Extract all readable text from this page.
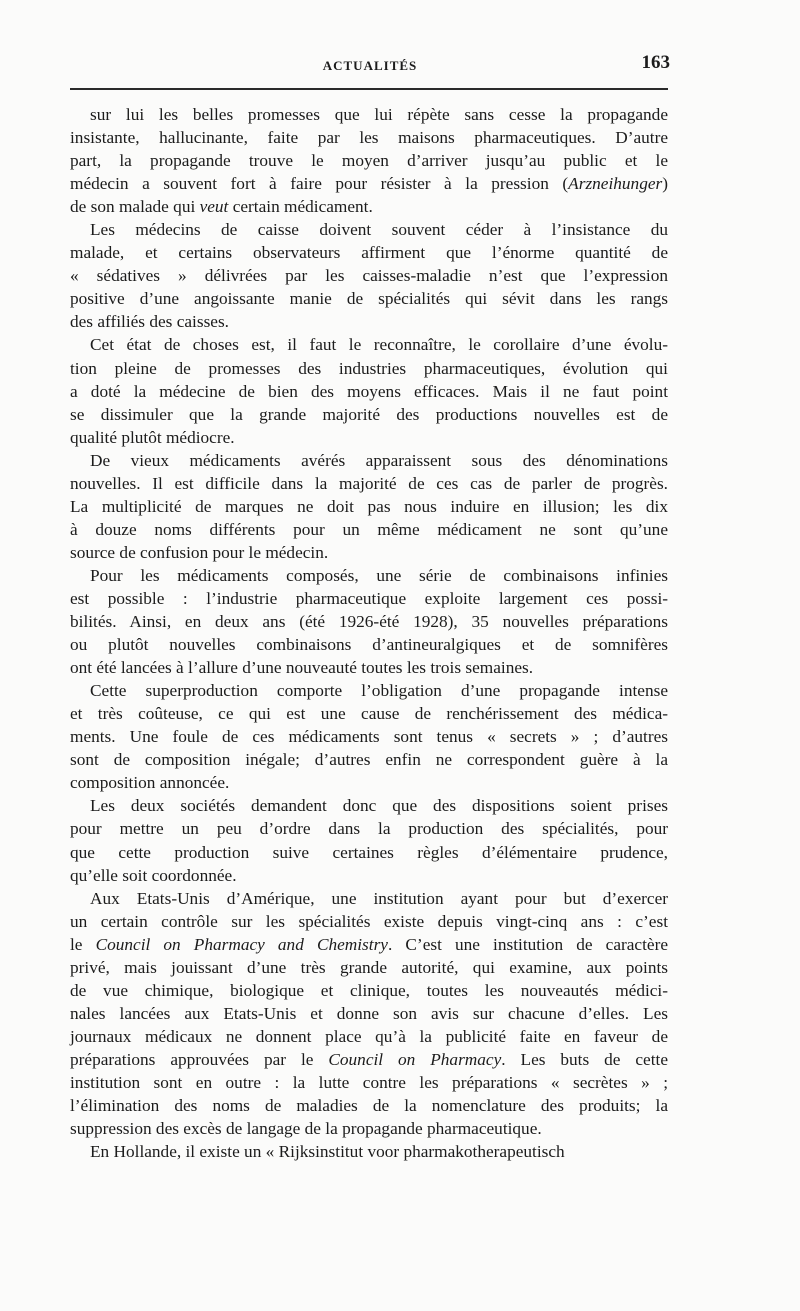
ACTUALITÉS	163
sur lui les belles promesses que lui répète sans cesse la propagande
insistante, hallucinante, faite par les maisons pharmaceutiques. D’autre
part, la propagande trouve le moyen d’arriver jusqu’au public et le
médecin a souvent fort à faire pour résister à la pression (Arzneihunger)
de son malade qui veut certain médicament.
Les médecins de caisse doivent souvent céder à l’insistance du
malade, et certains observateurs affirment que l’énorme quantité de
« sédatives » délivrées par les caisses-maladie n’est que l’expression
positive d’une angoissante manie de spécialités qui sévit dans les rangs
des affiliés des caisses.
Cet état de choses est, il faut le reconnaître, le corollaire d’une évolu-
tion pleine de promesses des industries pharmaceutiques, évolution qui
a doté la médecine de bien des moyens efficaces. Mais il ne faut point
se dissimuler que la grande majorité des productions nouvelles est de
qualité plutôt médiocre.
De vieux médicaments avérés apparaissent sous des dénominations
nouvelles. Il est difficile dans la majorité de ces cas de parler de progrès.
La multiplicité de marques ne doit pas nous induire en illusion; les dix
à douze noms différents pour un même médicament ne sont qu’une
source de confusion pour le médecin.
Pour les médicaments composés, une série de combinaisons infinies
est possible : l’industrie pharmaceutique exploite largement ces possi-
bilités. Ainsi, en deux ans (été 1926-été 1928), 35 nouvelles préparations
ou plutôt nouvelles combinaisons d’antineuralgiques et de somnifères
ont été lancées à l’allure d’une nouveauté toutes les trois semaines.
Cette superproduction comporte l’obligation d’une propagande intense
et très coûteuse, ce qui est une cause de renchérissement des médica-
ments. Une foule de ces médicaments sont tenus « secrets » ; d’autres
sont de composition inégale; d’autres enfin ne correspondent guère à la
composition annoncée.
Les deux sociétés demandent donc que des dispositions soient prises
pour mettre un peu d’ordre dans la production des spécialités, pour
que cette production suive certaines règles d’élémentaire prudence,
qu’elle soit coordonnée.
Aux Etats-Unis d’Amérique, une institution ayant pour but d’exercer
un certain contrôle sur les spécialités existe depuis vingt-cinq ans : c’est
le Council on Pharmacy and Chemistry. C’est une institution de caractère
privé, mais jouissant d’une très grande autorité, qui examine, aux points
de vue chimique, biologique et clinique, toutes les nouveautés médici-
nales lancées aux Etats-Unis et donne son avis sur chacune d’elles. Les
journaux médicaux ne donnent place qu’à la publicité faite en faveur de
préparations approuvées par le Council on Pharmacy. Les buts de cette
institution sont en outre : la lutte contre les préparations « secrètes » ;
l’élimination des noms de maladies de la nomenclature des produits; la
suppression des excès de langage de la propagande pharmaceutique.
En Hollande, il existe un « Rijksinstitut voor pharmakotherapeutisch
